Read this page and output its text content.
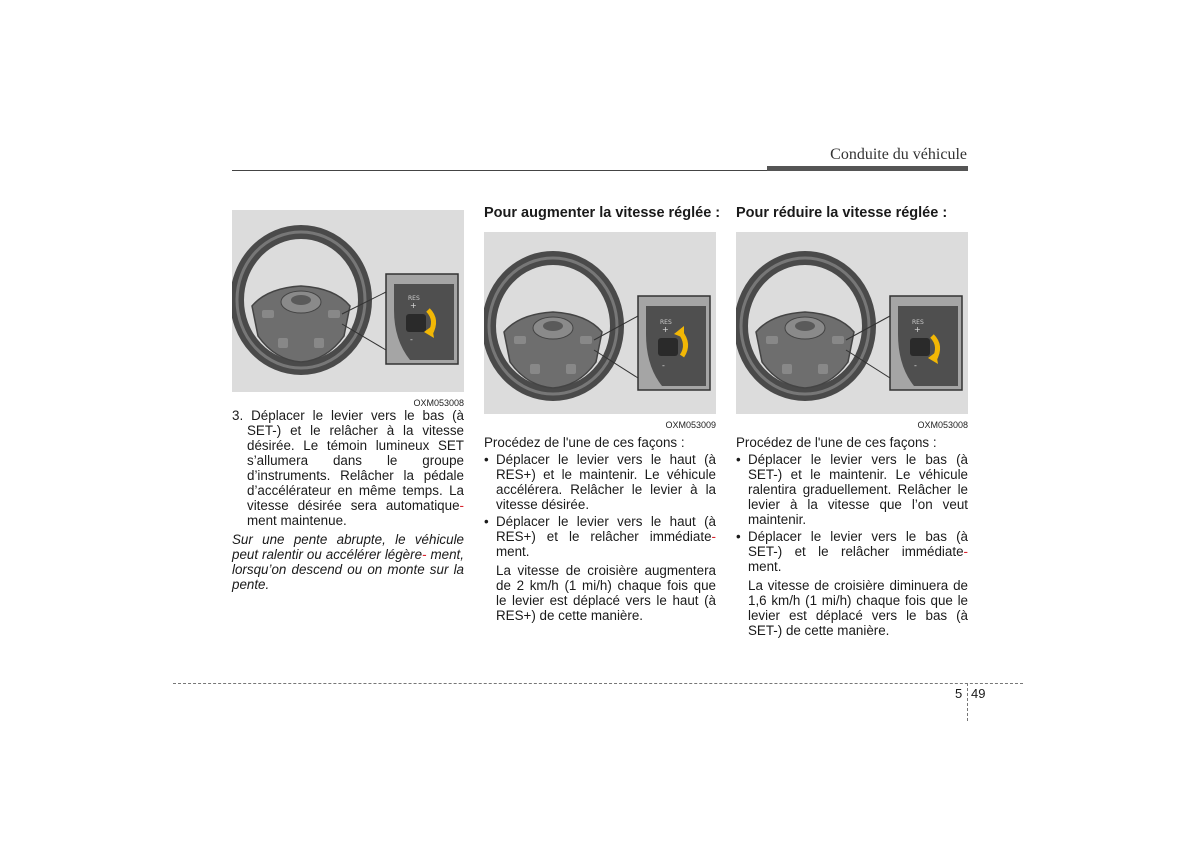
Conduite du véhicule
RES
+
-
OXM053008

3. Déplacer le levier vers le bas (à SET-) et le relâcher à la vitesse désirée. Le témoin lumineux SET s’allumera dans le groupe d’instruments. Relâcher la pédale d’accélérateur en même temps. La vitesse désirée sera automatique- ment maintenue.

Sur une pente abrupte, le véhicule peut ralentir ou accélérer légère- ment, lorsqu’on descend ou on monte sur la pente.

Pour augmenter la vitesse réglée :
RES
+
-
OXM053009

Procédez de l'une de ces façons :

• Déplacer le levier vers le haut (à RES+) et le maintenir. Le véhicule accélérera. Relâcher le levier à la vitesse désirée.
• Déplacer le levier vers le haut (à RES+) et le relâcher immédiate- ment.
La vitesse de croisière augmentera de 2 km/h (1 mi/h) chaque fois que le levier est déplacé vers le haut (à RES+) de cette manière.
Pour réduire la vitesse réglée :
RES
+
-
OXM053008

Procédez de l'une de ces façons :

• Déplacer le levier vers le bas (à SET-) et le maintenir. Le véhicule ralentira graduellement. Relâcher le levier à la vitesse que l’on veut maintenir.
• Déplacer le levier vers le bas (à SET-) et le relâcher immédiate- ment.
La vitesse de croisière diminuera de 1,6 km/h (1 mi/h) chaque fois que le levier est déplacé vers le bas (à SET-) de cette manière.
5 49
